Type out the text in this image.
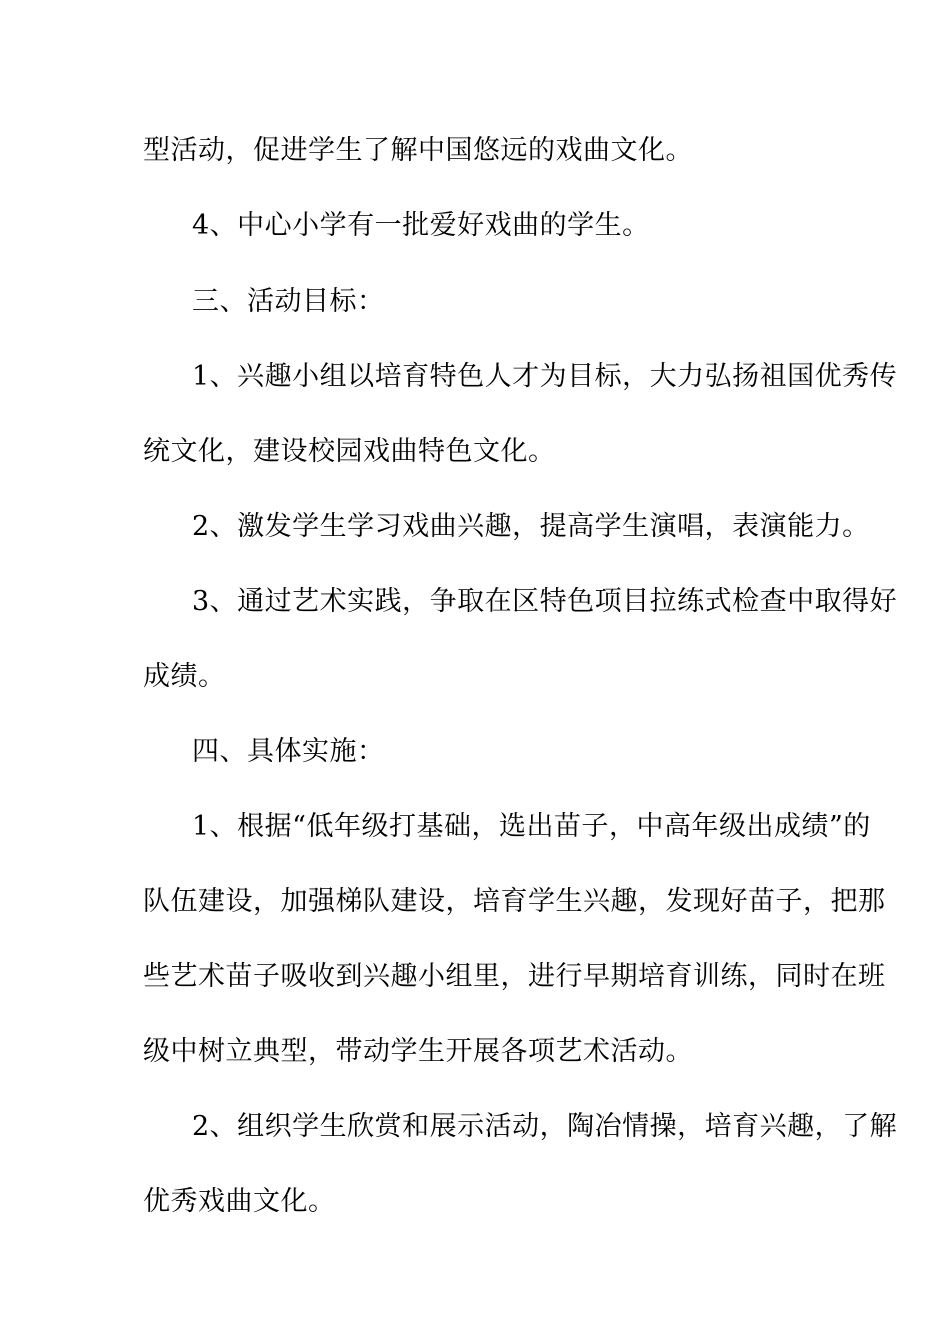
型活动，促进学生了解中国悠远的戏曲文化。
4、中心小学有一批爱好戏曲的学生。
三、活动目标：
1、兴趣小组以培育特色人才为目标，大力弘扬祖国优秀传
统文化，建设校园戏曲特色文化。
2、激发学生学习戏曲兴趣，提高学生演唱，表演能力。
3、通过艺术实践，争取在区特色项目拉练式检查中取得好
成绩。
四、具体实施：
1、根据“低年级打基础，选出苗子，中高年级出成绩”的
队伍建设，加强梯队建设，培育学生兴趣，发现好苗子，把那
些艺术苗子吸收到兴趣小组里，进行早期培育训练，同时在班
级中树立典型，带动学生开展各项艺术活动。
2、组织学生欣赏和展示活动，陶冶情操，培育兴趣，了解
优秀戏曲文化。
